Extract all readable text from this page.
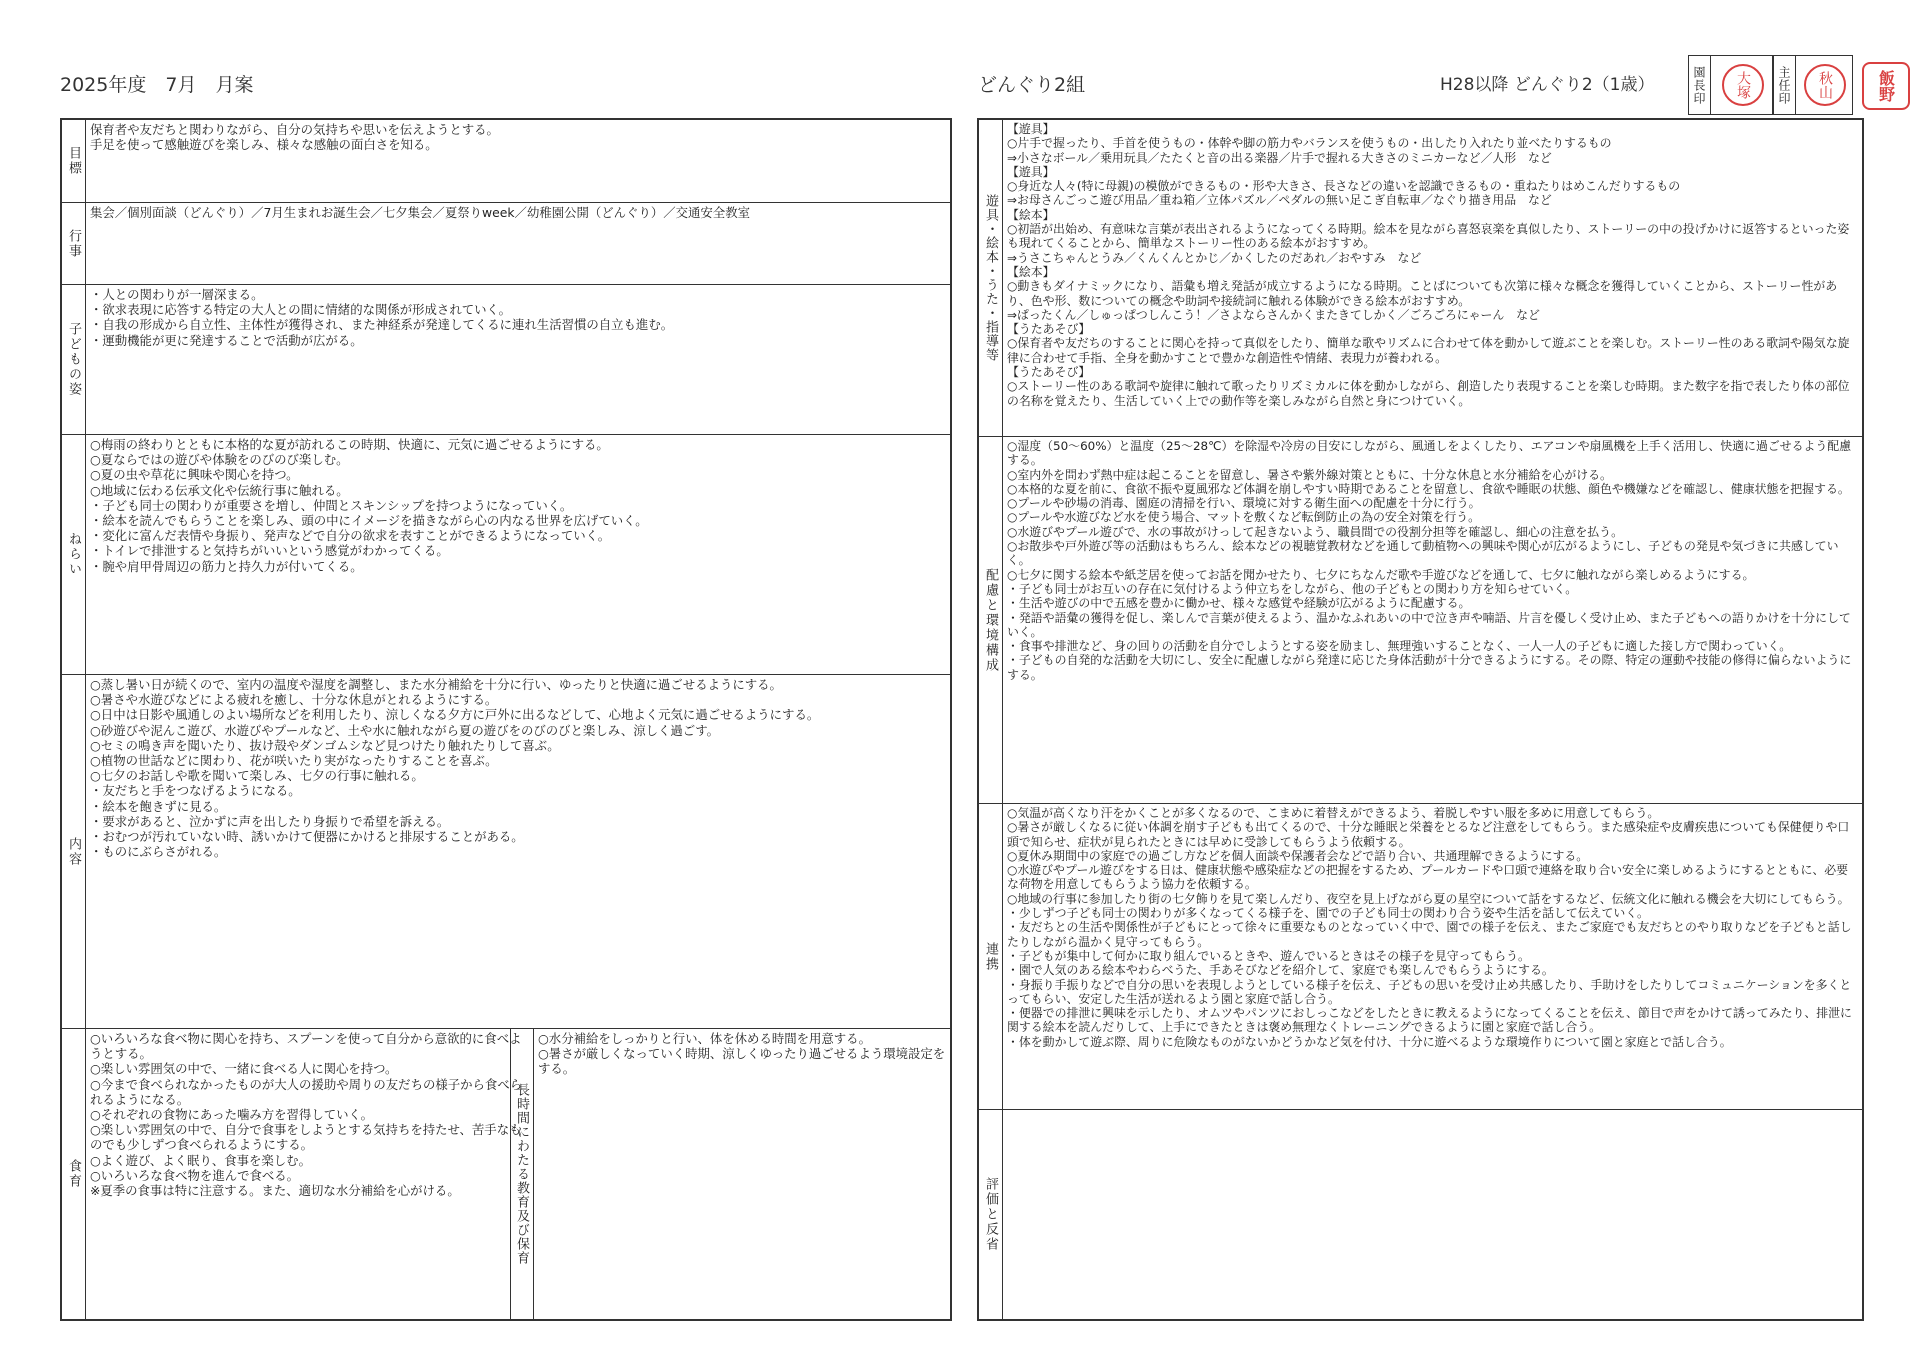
2025年度　7月　月案	どんぐり2組	H28以降 どんぐり2（1歳）	園長印	大塚 主任印	秋山	飯野
目標
保育者や友だちと関わりながら、自分の気持ちや思いを伝えようとする。
手足を使って感触遊びを楽しみ、様々な感触の面白さを知る。
行事
集会／個別面談（どんぐり）／7月生まれお誕生会／七夕集会／夏祭りweek／幼稚園公開（どんぐり）／交通安全教室
子どもの姿
・人との関わりが一層深まる。
・欲求表現に応答する特定の大人との間に情緒的な関係が形成されていく。
・自我の形成から自立性、主体性が獲得され、また神経系が発達してくるに連れ生活習慣の自立も進む。
・運動機能が更に発達することで活動が広がる。
ねらい
○梅雨の終わりとともに本格的な夏が訪れるこの時期、快適に、元気に過ごせるようにする。
○夏ならではの遊びや体験をのびのび楽しむ。
○夏の虫や草花に興味や関心を持つ。
○地域に伝わる伝承文化や伝統行事に触れる。
・子ども同士の関わりが重要さを増し、仲間とスキンシップを持つようになっていく。
・絵本を読んでもらうことを楽しみ、頭の中にイメージを描きながら心の内なる世界を広げていく。
・変化に富んだ表情や身振り、発声などで自分の欲求を表すことができるようになっていく。
・トイレで排泄すると気持ちがいいという感覚がわかってくる。
・腕や肩甲骨周辺の筋力と持久力が付いてくる。
内容
○蒸し暑い日が続くので、室内の温度や湿度を調整し、また水分補給を十分に行い、ゆったりと快適に過ごせるようにする。
○暑さや水遊びなどによる疲れを癒し、十分な休息がとれるようにする。
○日中は日影や風通しのよい場所などを利用したり、涼しくなる夕方に戸外に出るなどして、心地よく元気に過ごせるようにする。
○砂遊びや泥んこ遊び、水遊びやプールなど、土や水に触れながら夏の遊びをのびのびと楽しみ、涼しく過ごす。
○セミの鳴き声を聞いたり、抜け殻やダンゴムシなど見つけたり触れたりして喜ぶ。
○植物の世話などに関わり、花が咲いたり実がなったりすることを喜ぶ。
○七夕のお話しや歌を聞いて楽しみ、七夕の行事に触れる。
・友だちと手をつなげるようになる。
・絵本を飽きずに見る。
・要求があると、泣かずに声を出したり身振りで希望を訴える。
・おむつが汚れていない時、誘いかけて便器にかけると排尿することがある。
・ものにぶらさがれる。
食育
○いろいろな食べ物に関心を持ち、スプーンを使って自分から意欲的に食べようとする。
○楽しい雰囲気の中で、一緒に食べる人に関心を持つ。
○今まで食べられなかったものが大人の援助や周りの友だちの様子から食べられるようになる。
○それぞれの食物にあった噛み方を習得していく。
○楽しい雰囲気の中で、自分で食事をしようとする気持ちを持たせ、苦手なものでも少しずつ食べられるようにする。
○よく遊び、よく眠り、食事を楽しむ。
○いろいろな食べ物を進んで食べる。
※夏季の食事は特に注意する。また、適切な水分補給を心がける。	長時間にわたる教育及び保育
○水分補給をしっかりと行い、体を休める時間を用意する。
○暑さが厳しくなっていく時期、涼しくゆったり過ごせるよう環境設定をする。
遊具・絵本・うた・指導等
【遊具】
○片手で握ったり、手首を使うもの・体幹や脚の筋力やバランスを使うもの・出したり入れたり並べたりするもの
⇒小さなボール／乗用玩具／たたくと音の出る楽器／片手で握れる大きさのミニカーなど／人形　など
【遊具】
○身近な人々(特に母親)の模倣ができるもの・形や大きさ、長さなどの違いを認識できるもの・重ねたりはめこんだりするもの
⇒お母さんごっこ遊び用品／重ね箱／立体パズル／ペダルの無い足こぎ自転車／なぐり描き用品　など
【絵本】
○初語が出始め、有意味な言葉が表出されるようになってくる時期。絵本を見ながら喜怒哀楽を真似したり、ストーリーの中の投げかけに返答するといった姿も現れてくることから、簡単なストーリー性のある絵本がおすすめ。
⇒うさこちゃんとうみ／くんくんとかじ／かくしたのだあれ／おやすみ　など
【絵本】
○動きもダイナミックになり、語彙も増え発話が成立するようになる時期。ことばについても次第に様々な概念を獲得していくことから、ストーリー性があり、色や形、数についての概念や助詞や接続詞に触れる体験ができる絵本がおすすめ。
⇒ぱったくん／しゅっぱつしんこう！／さよならさんかくまたきてしかく／ごろごろにゃーん　など
【うたあそび】
○保育者や友だちのすることに関心を持って真似をしたり、簡単な歌やリズムに合わせて体を動かして遊ぶことを楽しむ。ストーリー性のある歌詞や陽気な旋律に合わせて手指、全身を動かすことで豊かな創造性や情緒、表現力が養われる。
【うたあそび】
○ストーリー性のある歌詞や旋律に触れて歌ったりリズミカルに体を動かしながら、創造したり表現することを楽しむ時期。また数字を指で表したり体の部位の名称を覚えたり、生活していく上での動作等を楽しみながら自然と身につけていく。
配慮と環境構成
○湿度（50〜60%）と温度（25〜28℃）を除湿や冷房の目安にしながら、風通しをよくしたり、エアコンや扇風機を上手く活用し、快適に過ごせるよう配慮する。
○室内外を問わず熱中症は起こることを留意し、暑さや紫外線対策とともに、十分な休息と水分補給を心がける。
○本格的な夏を前に、食欲不振や夏風邪など体調を崩しやすい時期であることを留意し、食欲や睡眠の状態、顔色や機嫌などを確認し、健康状態を把握する。
○プールや砂場の消毒、園庭の清掃を行い、環境に対する衛生面への配慮を十分に行う。
○プールや水遊びなど水を使う場合、マットを敷くなど転倒防止の為の安全対策を行う。
○水遊びやプール遊びで、水の事故がけっして起きないよう、職員間での役割分担等を確認し、細心の注意を払う。
○お散歩や戸外遊び等の活動はもちろん、絵本などの視聴覚教材などを通して動植物への興味や関心が広がるようにし、子どもの発見や気づきに共感していく。
○七夕に関する絵本や紙芝居を使ってお話を聞かせたり、七夕にちなんだ歌や手遊びなどを通して、七夕に触れながら楽しめるようにする。
・子ども同士がお互いの存在に気付けるよう仲立ちをしながら、他の子どもとの関わり方を知らせていく。
・生活や遊びの中で五感を豊かに働かせ、様々な感覚や経験が広がるように配慮する。
・発語や語彙の獲得を促し、楽しんで言葉が使えるよう、温かなふれあいの中で泣き声や喃語、片言を優しく受け止め、また子どもへの語りかけを十分にしていく。
・食事や排泄など、身の回りの活動を自分でしようとする姿を励まし、無理強いすることなく、一人一人の子どもに適した接し方で関わっていく。
・子どもの自発的な活動を大切にし、安全に配慮しながら発達に応じた身体活動が十分できるようにする。その際、特定の運動や技能の修得に偏らないようにする。
連携
○気温が高くなり汗をかくことが多くなるので、こまめに着替えができるよう、着脱しやすい服を多めに用意してもらう。
○暑さが厳しくなるに従い体調を崩す子どもも出てくるので、十分な睡眠と栄養をとるなど注意をしてもらう。また感染症や皮膚疾患についても保健便りや口頭で知らせ、症状が見られたときには早めに受診してもらうよう依頼する。
○夏休み期間中の家庭での過ごし方などを個人面談や保護者会などで語り合い、共通理解できるようにする。
○水遊びやプール遊びをする日は、健康状態や感染症などの把握をするため、プールカードや口頭で連絡を取り合い安全に楽しめるようにするとともに、必要な荷物を用意してもらうよう協力を依頼する。
○地域の行事に参加したり街の七夕飾りを見て楽しんだり、夜空を見上げながら夏の星空について話をするなど、伝統文化に触れる機会を大切にしてもらう。
・少しずつ子ども同士の関わりが多くなってくる様子を、園での子ども同士の関わり合う姿や生活を話して伝えていく。
・友だちとの生活や関係性が子どもにとって徐々に重要なものとなっていく中で、園での様子を伝え、またご家庭でも友だちとのやり取りなどを子どもと話したりしながら温かく見守ってもらう。
・子どもが集中して何かに取り組んでいるときや、遊んでいるときはその様子を見守ってもらう。
・園で人気のある絵本やわらべうた、手あそびなどを紹介して、家庭でも楽しんでもらうようにする。
・身振り手振りなどで自分の思いを表現しようとしている様子を伝え、子どもの思いを受け止め共感したり、手助けをしたりしてコミュニケーションを多くとってもらい、安定した生活が送れるよう園と家庭で話し合う。
・便器での排泄に興味を示したり、オムツやパンツにおしっこなどをしたときに教えるようになってくることを伝え、節目で声をかけて誘ってみたり、排泄に関する絵本を読んだりして、上手にできたときは褒め無理なくトレーニングできるように園と家庭で話し合う。
・体を動かして遊ぶ際、周りに危険なものがないかどうかなど気を付け、十分に遊べるような環境作りについて園と家庭とで話し合う。
評価と反省
